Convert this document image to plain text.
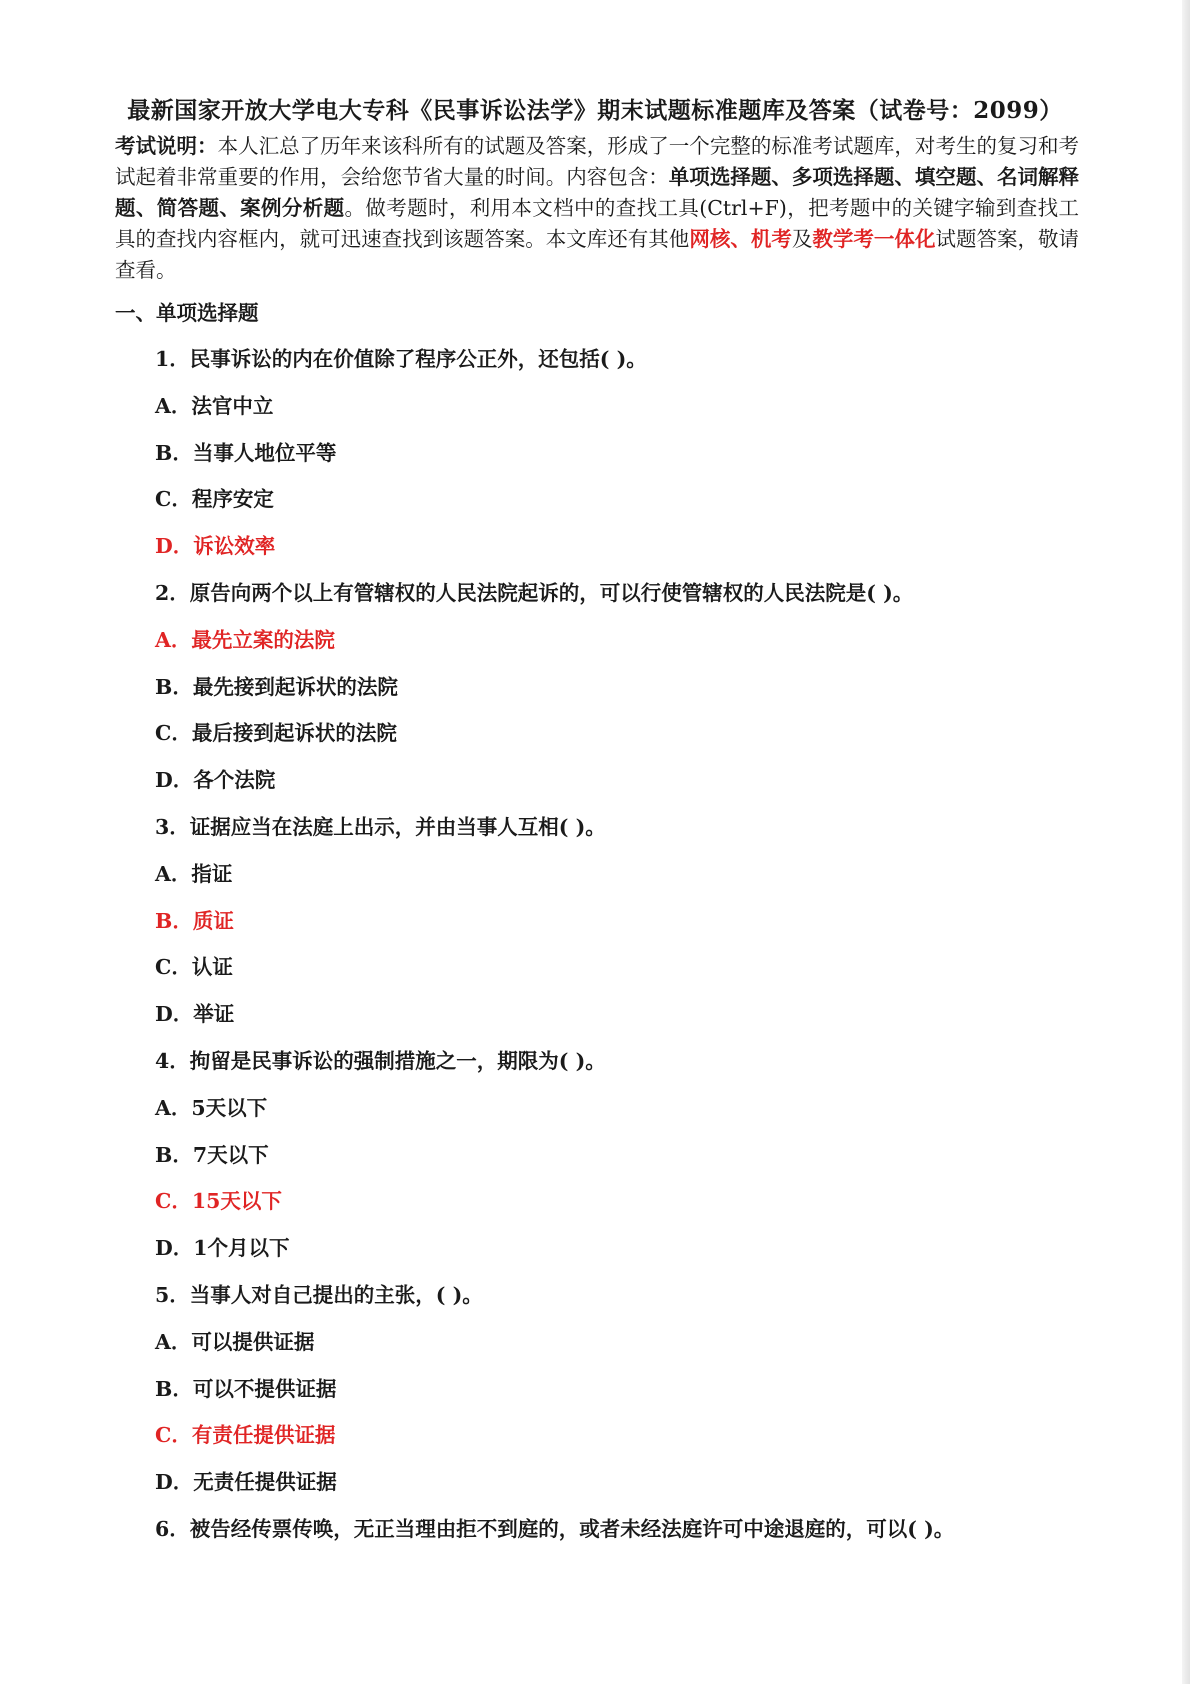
最新国家开放大学电大专科《民事诉讼法学》期末试题标准题库及答案（试卷号：2099）
考试说明：本人汇总了历年来该科所有的试题及答案，形成了一个完整的标准考试题库，对考生的复习和考试起着非常重要的作用，会给您节省大量的时间。内容包含：单项选择题、多项选择题、填空题、名词解释题、简答题、案例分析题。做考题时，利用本文档中的查找工具(Ctrl+F)，把考题中的关键字输到查找工具的查找内容框内，就可迅速查找到该题答案。本文库还有其他网核、机考及教学考一体化试题答案，敬请查看。
一、单项选择题
1．民事诉讼的内在价值除了程序公正外，还包括( )。
A．法官中立
B．当事人地位平等
C．程序安定
D．诉讼效率
2．原告向两个以上有管辖权的人民法院起诉的，可以行使管辖权的人民法院是( )。
A．最先立案的法院
B．最先接到起诉状的法院
C．最后接到起诉状的法院
D．各个法院
3．证据应当在法庭上出示，并由当事人互相( )。
A．指证
B．质证
C．认证
D．举证
4．拘留是民事诉讼的强制措施之一，期限为( )。
A．5天以下
B．7天以下
C．15天以下
D．1个月以下
5．当事人对自己提出的主张，( )。
A．可以提供证据
B．可以不提供证据
C．有责任提供证据
D．无责任提供证据
6．被告经传票传唤，无正当理由拒不到庭的，或者未经法庭许可中途退庭的，可以( )。
